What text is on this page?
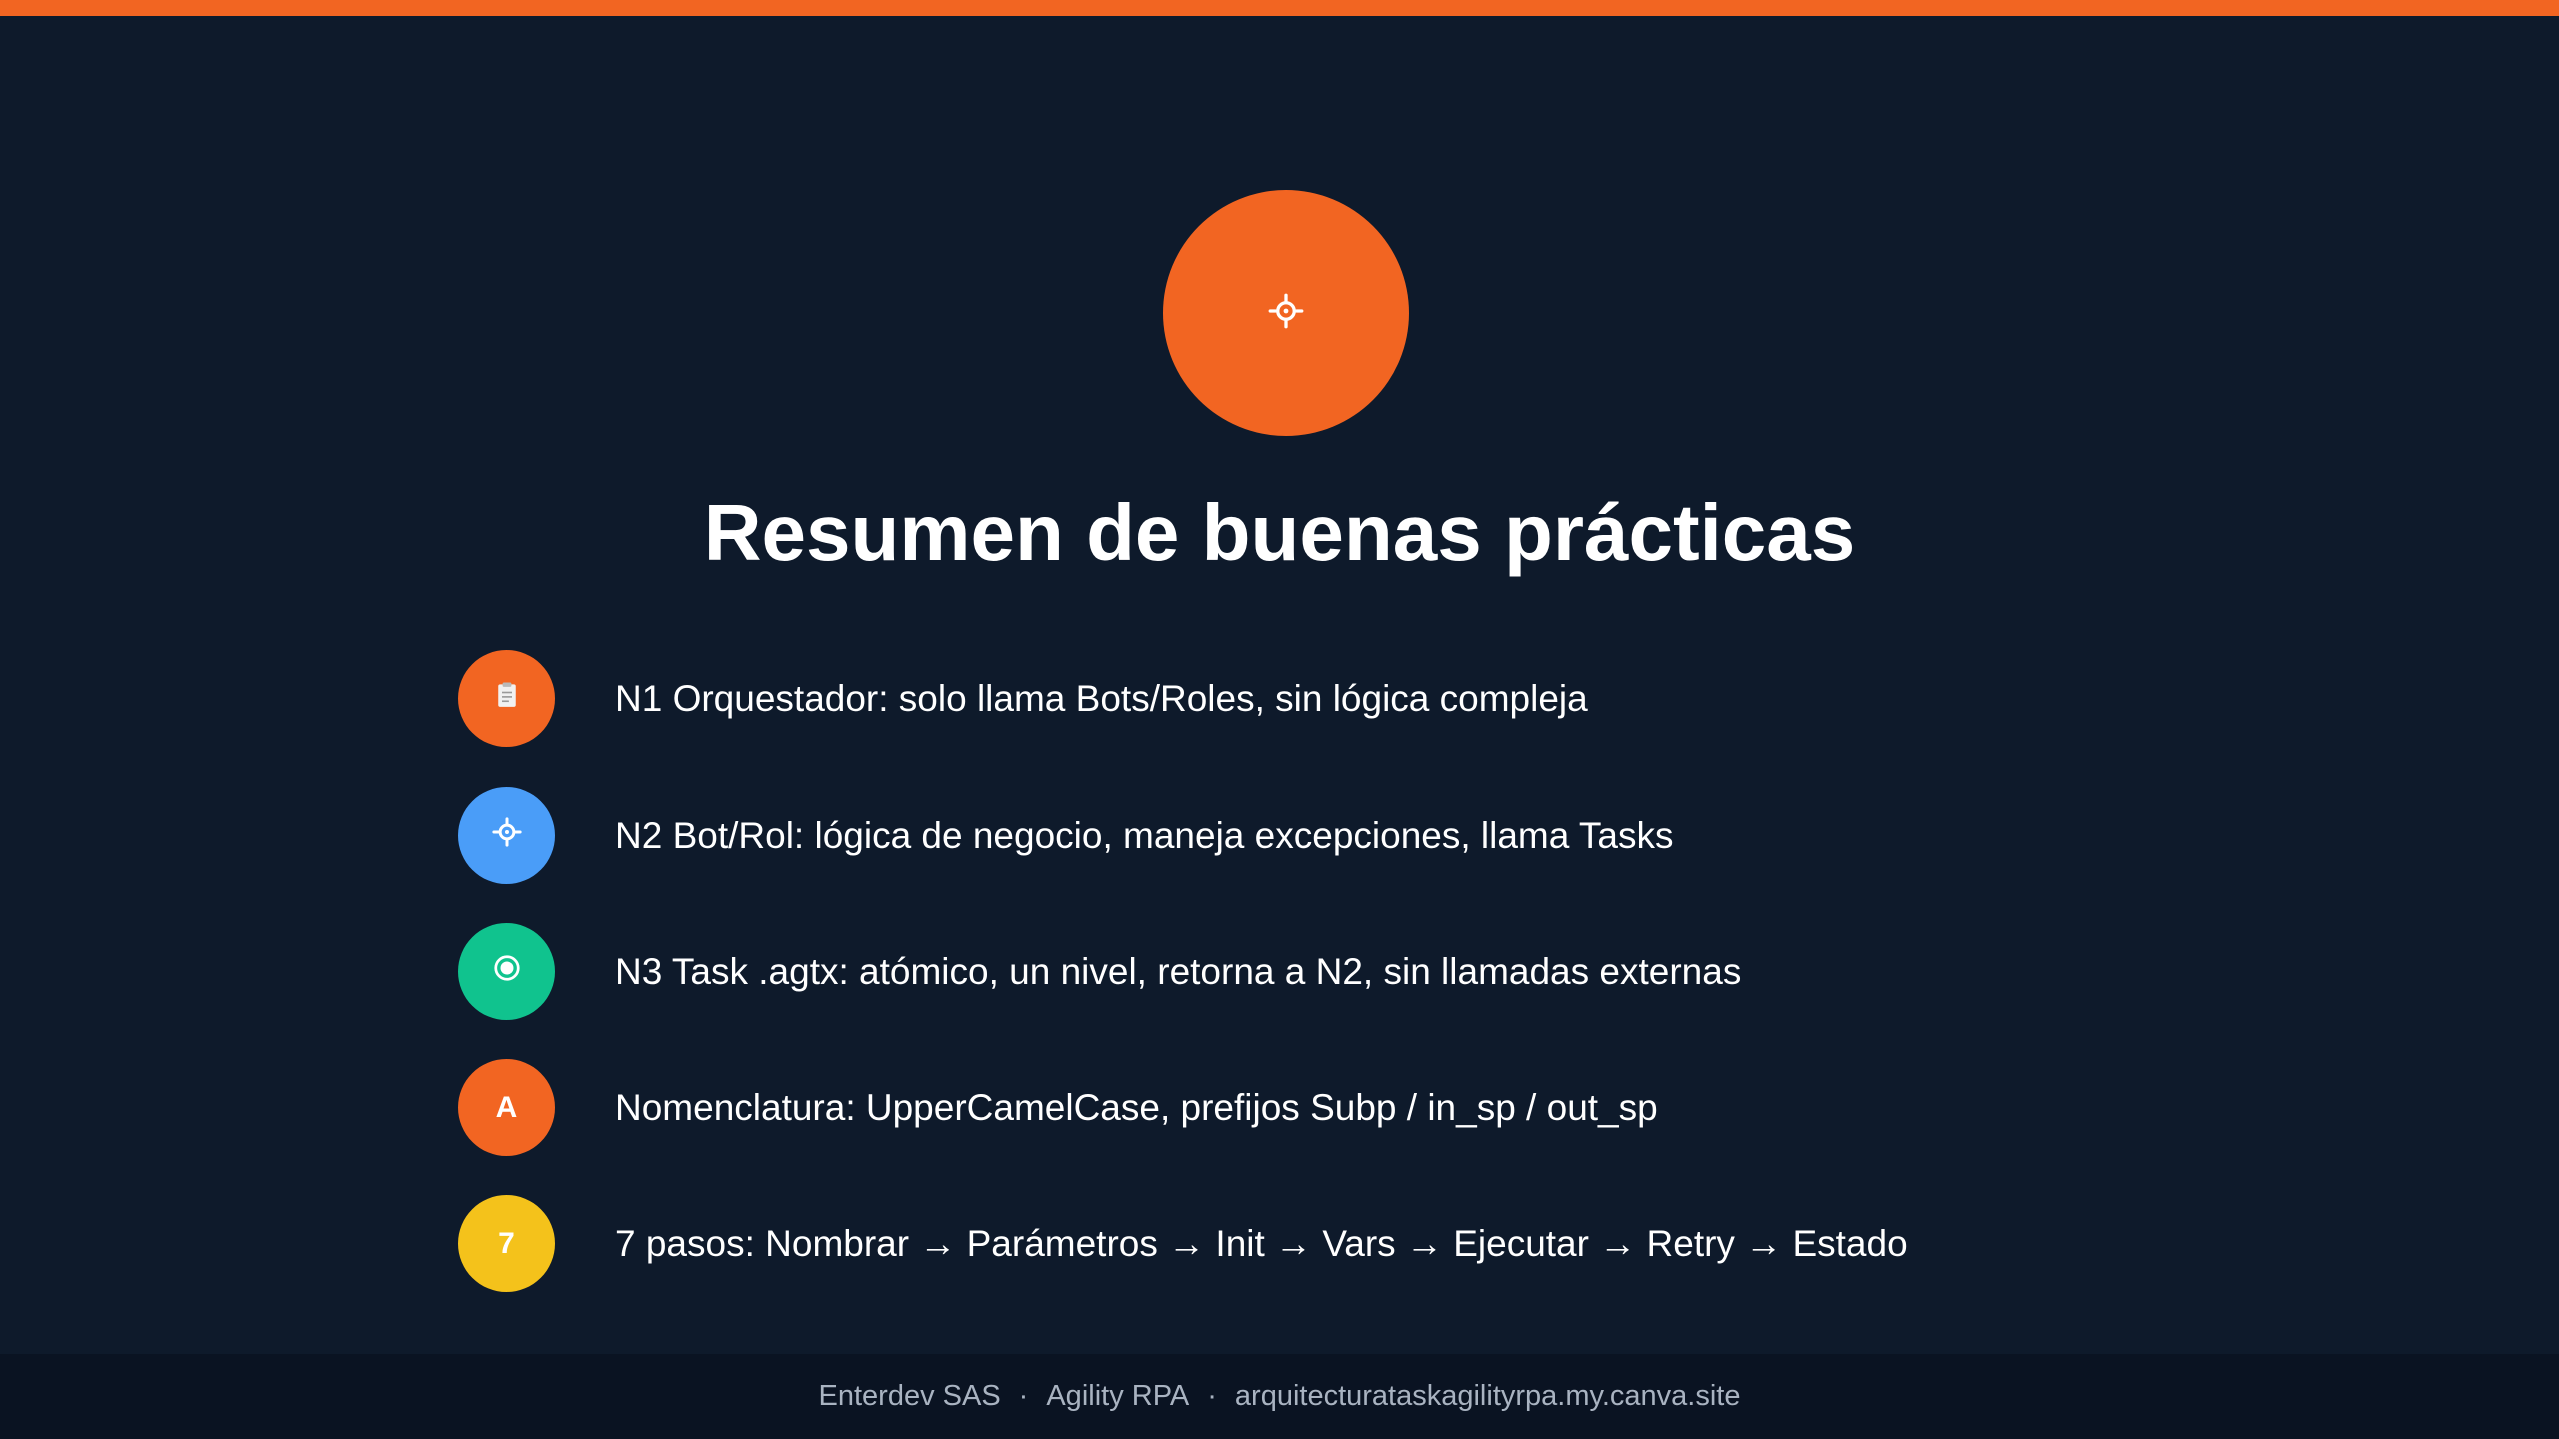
Resumen de buenas prácticas
N1 Orquestador: solo llama Bots/Roles, sin lógica compleja
N2 Bot/Rol: lógica de negocio, maneja excepciones, llama Tasks
N3 Task .agtx: atómico, un nivel, retorna a N2, sin llamadas externas
A	Nomenclatura: UpperCamelCase, prefijos Subp / in_sp / out_sp
7	7 pasos: Nombrar → Parámetros → Init → Vars → Ejecutar → Retry → Estado
Enterdev SAS · Agility RPA · arquitecturataskagilityrpa.my.canva.site
